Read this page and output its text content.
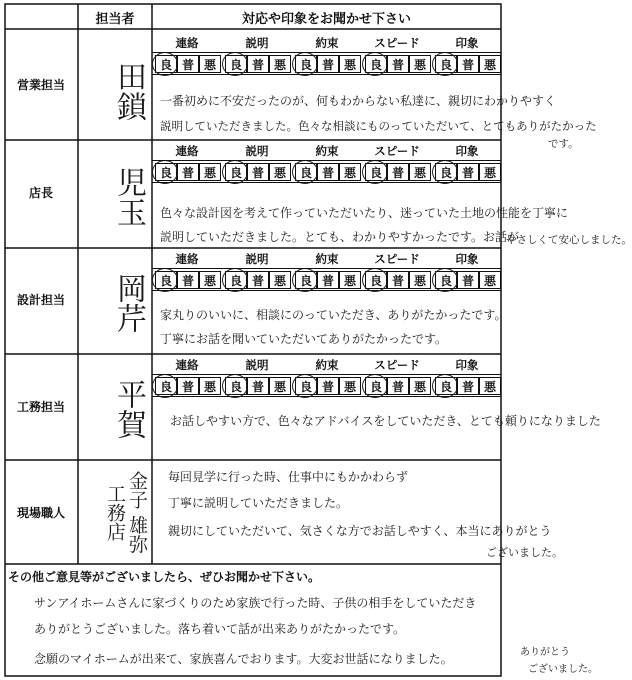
担当者	対応や印象をお聞かせ下さい
営業担当	田鎖
連絡
良 普 悪
説明
良 普 悪
約束
良 普 悪
スピード
良 普 悪
印象
良 普 悪
一番初めに不安だったのが、何もわからない私達に、親切にわかりやすく
説明していただきました。色々な相談にものっていただいて、とてもありがたかった
です。
店長	児玉
連絡
良 普 悪
説明
良 普 悪
約束
良 普 悪
スピード
良 普 悪
印象
良 普 悪
色々な設計図を考えて作っていただいたり、迷っていた土地の性能を丁寧に
説明していただきました。とても、わかりやすかったです。お話が
やさしくて安心しました。
設計担当	岡芹
連絡
良 普 悪
説明
良 普 悪
約束
良 普 悪
スピード
良 普 悪
印象
良 普 悪
家丸りのいいに、相談にのっていただき、ありがたかったです。
丁寧にお話を聞いていただいてありがたかったです。
工務担当	平賀
連絡
良 普 悪
説明
良 普 悪
約束
良 普 悪
スピード
良 普 悪
印象
良 普 悪
お話しやすい方で、色々なアドバイスをしていただき、とても頼りになりました
現場職人	金子 雄弥 工務店
毎回見学に行った時、仕事中にもかかわらず
丁寧に説明していただきました。
親切にしていただいて、気さくな方でお話しやすく、本当にありがとう
ございました。
その他ご意見等がございましたら、ぜひお聞かせ下さい。
サンアイホームさんに家づくりのため家族で行った時、子供の相手をしていただき
ありがとうございました。落ち着いて話が出来ありがたかったです。
念願のマイホームが出来て、家族喜んでおります。大変お世話になりました。	ありがとう
ございました。
